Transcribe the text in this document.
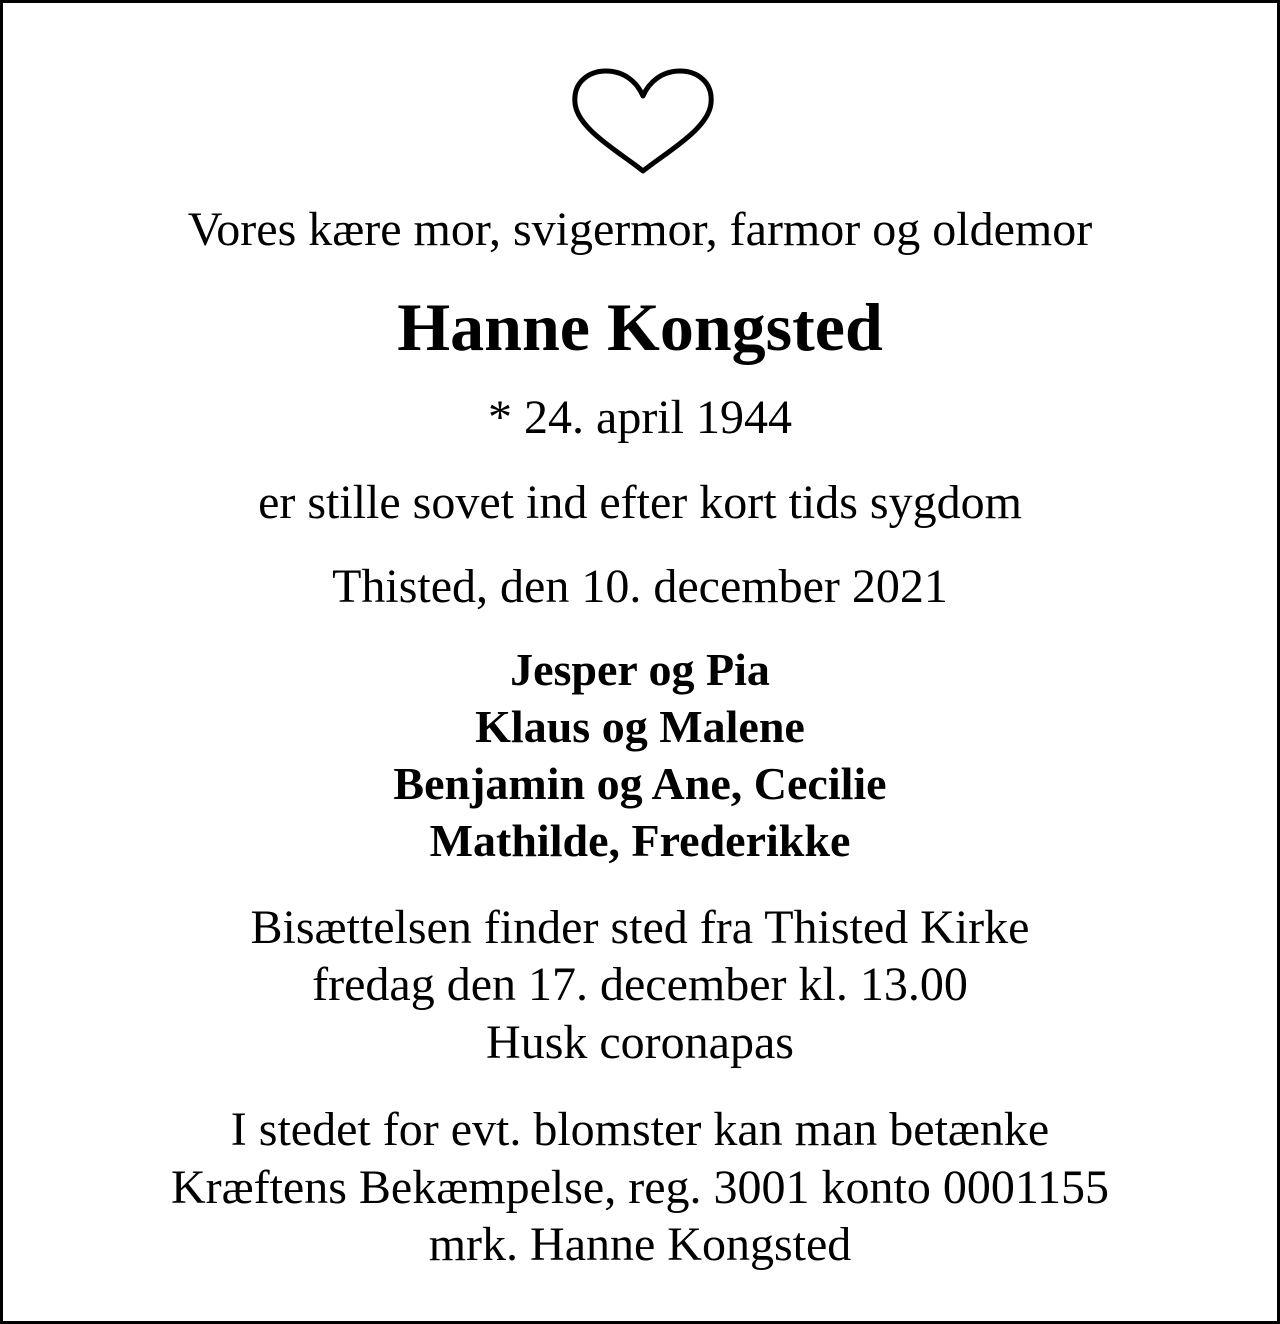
Vores kære mor, svigermor, farmor og oldemor
Hanne Kongsted
* 24. april 1944
er stille sovet ind efter kort tids sygdom
Thisted, den 10. december 2021
Jesper og Pia
Klaus og Malene
Benjamin og Ane, Cecilie
Mathilde, Frederikke
Bisættelsen finder sted fra Thisted Kirke
fredag den 17. december kl. 13.00
Husk coronapas
I stedet for evt. blomster kan man betænke
Kræftens Bekæmpelse, reg. 3001 konto 0001155
mrk. Hanne Kongsted
